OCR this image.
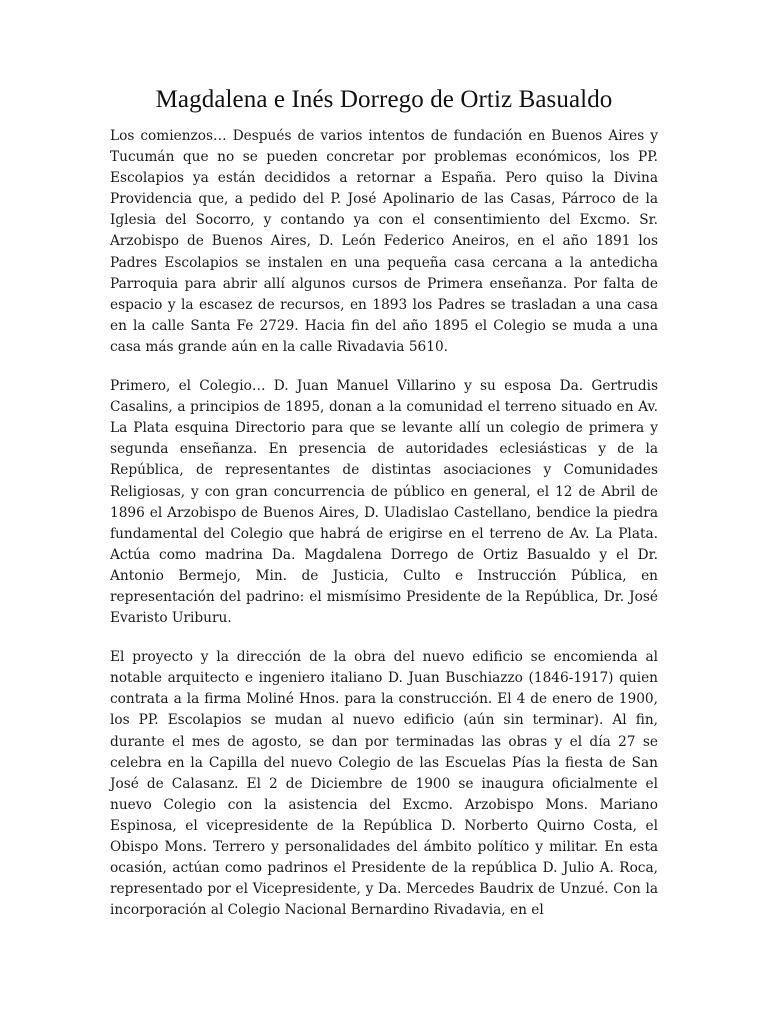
Magdalena e Inés Dorrego de Ortiz Basualdo

Los comienzos… Después de varios intentos de fundación en Buenos Aires y Tucumán que no se pueden concretar por problemas económicos, los PP. Escolapios ya están decididos a retornar a España. Pero quiso la Divina Providencia que, a pedido del P. José Apolinario de las Casas, Párroco de la Iglesia del Socorro, y contando ya con el consentimiento del Excmo. Sr. Arzobispo de Buenos Aires, D. León Federico Aneiros, en el año 1891 los Padres Escolapios se instalen en una pequeña casa cercana a la antedicha Parroquia para abrir allí algunos cursos de Primera enseñanza. Por falta de espacio y la escasez de recursos, en 1893 los Padres se trasladan a una casa en la calle Santa Fe 2729. Hacia fin del año 1895 el Colegio se muda a una casa más grande aún en la calle Rivadavia 5610.

Primero, el Colegio… D. Juan Manuel Villarino y su esposa Da. Gertrudis Casalins, a principios de 1895, donan a la comunidad el terreno situado en Av. La Plata esquina Directorio para que se levante allí un colegio de primera y segunda enseñanza. En presencia de autoridades eclesiásticas y de la República, de representantes de distintas asociaciones y Comunidades Religiosas, y con gran concurrencia de público en general, el 12 de Abril de 1896 el Arzobispo de Buenos Aires, D. Uladislao Castellano, bendice la piedra fundamental del Colegio que habrá de erigirse en el terreno de Av. La Plata. Actúa como madrina Da. Magdalena Dorrego de Ortiz Basualdo y el Dr. Antonio Bermejo, Min. de Justicia, Culto e Instrucción Pública, en representación del padrino: el mismísimo Presidente de la República, Dr. José Evaristo Uriburu.

El proyecto y la dirección de la obra del nuevo edificio se encomienda al notable arquitecto e ingeniero italiano D. Juan Buschiazzo (1846-1917) quien contrata a la firma Moliné Hnos. para la construcción. El 4 de enero de 1900, los PP. Escolapios se mudan al nuevo edificio (aún sin terminar). Al fin, durante el mes de agosto, se dan por terminadas las obras y el día 27 se celebra en la Capilla del nuevo Colegio de las Escuelas Pías la fiesta de San José de Calasanz. El 2 de Diciembre de 1900 se inaugura oficialmente el nuevo Colegio con la asistencia del Excmo. Arzobispo Mons. Mariano Espinosa, el vicepresidente de la República D. Norberto Quirno Costa, el Obispo Mons. Terrero y personalidades del ámbito político y militar. En esta ocasión, actúan como padrinos el Presidente de la república D. Julio A. Roca, representado por el Vicepresidente, y Da. Mercedes Baudrix de Unzué. Con la incorporación al Colegio Nacional Bernardino Rivadavia, en el
